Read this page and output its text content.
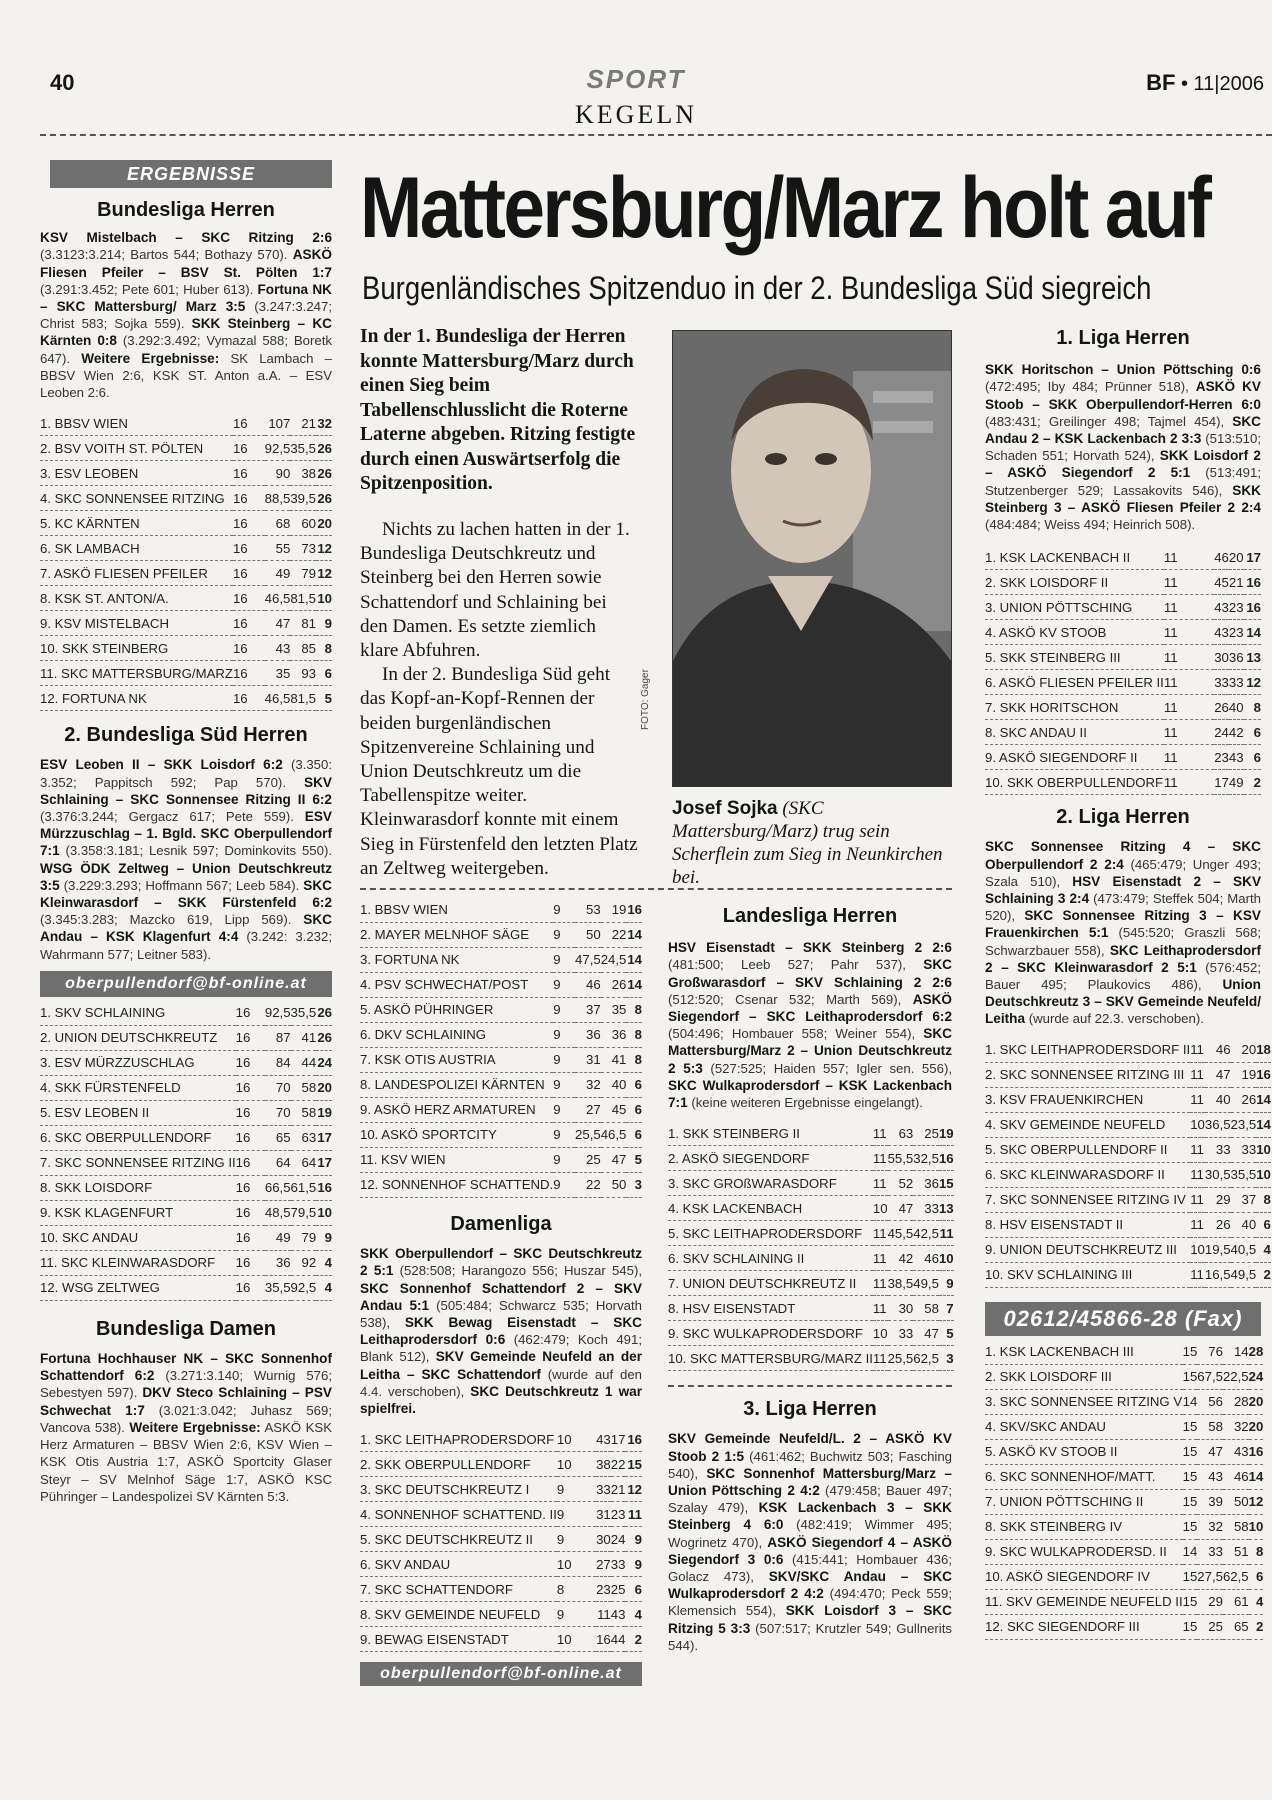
40	SPORT	BF • 11|2006
KEGELN
ERGEBNISSE
Bundesliga Herren
KSV Mistelbach – SKC Ritzing 2:6 (3.3123:3.214; Bartos 544; Bothazy 570). ASKÖ Fliesen Pfeiler – BSV St. Pölten 1:7 (3.291:3.452; Pete 601; Huber 613). Fortuna NK – SKC Mattersburg/ Marz 3:5 (3.247:3.247; Christ 583; Sojka 559). SKK Steinberg – KC Kärnten 0:8 (3.292:3.492; Vymazal 588; Boretk 647). Weitere Ergebnisse: SK Lambach – BBSV Wien 2:6, KSK ST. Anton a.A. – ESV Leoben 2:6.
1. BBSV WIEN	16	107	21	32
2. BSV VOITH ST. PÖLTEN	16	92,5	35,5	26
3. ESV LEOBEN	16	90	38	26
4. SKC SONNENSEE RITZING	16	88,5	39,5	26
5. KC KÄRNTEN	16	68	60	20
6. SK LAMBACH	16	55	73	12
7. ASKÖ FLIESEN PFEILER	16	49	79	12
8. KSK ST. ANTON/A.	16	46,5	81,5	10
9. KSV MISTELBACH	16	47	81	9
10. SKK STEINBERG	16	43	85	8
11. SKC MATTERSBURG/MARZ	16	35	93	6
12. FORTUNA NK	16	46,5	81,5	5
2. Bundesliga Süd Herren
ESV Leoben II – SKK Loisdorf 6:2 (3.350: 3.352; Pappitsch 592; Pap 570). SKV Schlaining – SKC Sonnensee Ritzing II 6:2 (3.376:3.244; Gergacz 617; Pete 559). ESV Mürzzuschlag – 1. Bgld. SKC Oberpullendorf 7:1 (3.358:3.181; Lesnik 597; Dominkovits 550). WSG ÖDK Zeltweg – Union Deutschkreutz 3:5 (3.229:3.293; Hoffmann 567; Leeb 584). SKC Kleinwarasdorf – SKK Fürstenfeld 6:2 (3.345:3.283; Mazcko 619, Lipp 569). SKC Andau – KSK Klagenfurt 4:4 (3.242: 3.232; Wahrmann 577; Leitner 583).
oberpullendorf@bf-online.at
1. SKV SCHLAINING	16	92,5	35,5	26
2. UNION DEUTSCHKREUTZ	16	87	41	26
3. ESV MÜRZZUSCHLAG	16	84	44	24
4. SKK FÜRSTENFELD	16	70	58	20
5. ESV LEOBEN II	16	70	58	19
6. SKC OBERPULLENDORF	16	65	63	17
7. SKC SONNENSEE RITZING II	16	64	64	17
8. SKK LOISDORF	16	66,5	61,5	16
9. KSK KLAGENFURT	16	48,5	79,5	10
10. SKC ANDAU	16	49	79	9
11. SKC KLEINWARASDORF	16	36	92	4
12. WSG ZELTWEG	16	35,5	92,5	4
Bundesliga Damen
Fortuna Hochhauser NK – SKC Sonnenhof Schattendorf 6:2 (3.271:3.140; Wurnig 576; Sebestyen 597). DKV Steco Schlaining – PSV Schwechat 1:7 (3.021:3.042; Juhasz 569; Vancova 538). Weitere Ergebnisse: ASKÖ KSK Herz Armaturen – BBSV Wien 2:6, KSV Wien – KSK Otis Austria 1:7, ASKÖ Sportcity Glaser Steyr – SV Melnhof Säge 1:7, ASKÖ KSC Pühringer – Landespolizei SV Kärnten 5:3.
Mattersburg/Marz holt auf
Burgenländisches Spitzenduo in der 2. Bundesliga Süd siegreich
In der 1. Bundesliga der Herren konnte Mattersburg/Marz durch einen Sieg beim Tabellenschlusslicht die Roterne Laterne abgeben. Ritzing festigte durch einen Auswärtserfolg die Spitzenposition.

Nichts zu lachen hatten in der 1. Bundesliga Deutschkreutz und Steinberg bei den Herren sowie Schattendorf und Schlaining bei den Damen. Es setzte ziemlich klare Abfuhren.

In der 2. Bundesliga Süd geht das Kopf-an-Kopf-Rennen der beiden burgenländischen Spitzenvereine Schlaining und Union Deutschkreutz um die Tabellenspitze weiter. Kleinwarasdorf konnte mit einem Sieg in Fürstenfeld den letzten Platz an Zeltweg weitergeben.

FOTO: Gager
Josef Sojka (SKC Mattersburg/Marz) trug sein Scherflein zum Sieg in Neunkirchen bei.
1. BBSV WIEN	9	53	19	16
2. MAYER MELNHOF SÄGE	9	50	22	14
3. FORTUNA NK	9	47,5	24,5	14
4. PSV SCHWECHAT/POST	9	46	26	14
5. ASKÖ PÜHRINGER	9	37	35	8
6. DKV SCHLAINING	9	36	36	8
7. KSK OTIS AUSTRIA	9	31	41	8
8. LANDESPOLIZEI KÄRNTEN	9	32	40	6
9. ASKÖ HERZ ARMATUREN	9	27	45	6
10. ASKÖ SPORTCITY	9	25,5	46,5	6
11. KSV WIEN	9	25	47	5
12. SONNENHOF SCHATTEND.	9	22	50	3
Damenliga
SKK Oberpullendorf – SKC Deutschkreutz 2 5:1 (528:508; Harangozo 556; Huszar 545), SKC Sonnenhof Schattendorf 2 – SKV Andau 5:1 (505:484; Schwarcz 535; Horvath 538), SKK Bewag Eisenstadt – SKC Leithaprodersdorf 0:6 (462:479; Koch 491; Blank 512), SKV Gemeinde Neufeld an der Leitha – SKC Schattendorf (wurde auf den 4.4. verschoben), SKC Deutschkreutz 1 war spielfrei.
1. SKC LEITHAPRODERSDORF	10	43	17	16
2. SKK OBERPULLENDORF	10	38	22	15
3. SKC DEUTSCHKREUTZ I	9	33	21	12
4. SONNENHOF SCHATTEND. II	9	31	23	11
5. SKC DEUTSCHKREUTZ II	9	30	24	9
6. SKV ANDAU	10	27	33	9
7. SKC SCHATTENDORF	8	23	25	6
8. SKV GEMEINDE NEUFELD	9	11	43	4
9. BEWAG EISENSTADT	10	16	44	2
oberpullendorf@bf-online.at
Landesliga Herren
HSV Eisenstadt – SKK Steinberg 2 2:6 (481:500; Leeb 527; Pahr 537), SKC Großwarasdorf – SKV Schlaining 2 2:6 (512:520; Csenar 532; Marth 569), ASKÖ Siegendorf – SKC Leithaprodersdorf 6:2 (504:496; Hombauer 558; Weiner 554), SKC Mattersburg/Marz 2 – Union Deutschkreutz 2 5:3 (527:525; Haiden 557; Igler sen. 556), SKC Wulkaprodersdorf – KSK Lackenbach 7:1 (keine weiteren Ergebnisse eingelangt).
1. SKK STEINBERG II	11	63	25	19
2. ASKÖ SIEGENDORF	11	55,5	32,5	16
3. SKC GROßWARASDORF	11	52	36	15
4. KSK LACKENBACH	10	47	33	13
5. SKC LEITHAPRODERSDORF	11	45,5	42,5	11
6. SKV SCHLAINING II	11	42	46	10
7. UNION DEUTSCHKREUTZ II	11	38,5	49,5	9
8. HSV EISENSTADT	11	30	58	7
9. SKC WULKAPRODERSDORF	10	33	47	5
10. SKC MATTERSBURG/MARZ II	11	25,5	62,5	3
3. Liga Herren
SKV Gemeinde Neufeld/L. 2 – ASKÖ KV Stoob 2 1:5 (461:462; Buchwitz 503; Fasching 540), SKC Sonnenhof Mattersburg/Marz – Union Pöttsching 2 4:2 (479:458; Bauer 497; Szalay 479), KSK Lackenbach 3 – SKK Steinberg 4 6:0 (482:419; Wimmer 495; Wogrinetz 470), ASKÖ Siegendorf 4 – ASKÖ Siegendorf 3 0:6 (415:441; Hombauer 436; Golacz 473), SKV/SKC Andau – SKC Wulkaprodersdorf 2 4:2 (494:470; Peck 559; Klemensich 554), SKK Loisdorf 3 – SKC Ritzing 5 3:3 (507:517; Krutzler 549; Gullnerits 544).
1. Liga Herren
SKK Horitschon – Union Pöttsching 0:6 (472:495; Iby 484; Prünner 518), ASKÖ KV Stoob – SKK Oberpullendorf-Herren 6:0 (483:431; Greilinger 498; Tajmel 454), SKC Andau 2 – KSK Lackenbach 2 3:3 (513:510; Schaden 551; Horvath 524), SKK Loisdorf 2 – ASKÖ Siegendorf 2 5:1 (513:491; Stutzenberger 529; Lassakovits 546), SKK Steinberg 3 – ASKÖ Fliesen Pfeiler 2 2:4 (484:484; Weiss 494; Heinrich 508).
1. KSK LACKENBACH II	11	46	20	17
2. SKK LOISDORF II	11	45	21	16
3. UNION PÖTTSCHING	11	43	23	16
4. ASKÖ KV STOOB	11	43	23	14
5. SKK STEINBERG III	11	30	36	13
6. ASKÖ FLIESEN PFEILER II	11	33	33	12
7. SKK HORITSCHON	11	26	40	8
8. SKC ANDAU II	11	24	42	6
9. ASKÖ SIEGENDORF II	11	23	43	6
10. SKK OBERPULLENDORF	11	17	49	2
2. Liga Herren
SKC Sonnensee Ritzing 4 – SKC Oberpullendorf 2 2:4 (465:479; Unger 493; Szala 510), HSV Eisenstadt 2 – SKV Schlaining 3 2:4 (473:479; Steffek 504; Marth 520), SKC Sonnensee Ritzing 3 – KSV Frauenkirchen 5:1 (545:520; Graszli 568; Schwarzbauer 558), SKC Leithaprodersdorf 2 – SKC Kleinwarasdorf 2 5:1 (576:452; Bauer 495; Plaukovics 486), Union Deutschkreutz 3 – SKV Gemeinde Neufeld/ Leitha (wurde auf 22.3. verschoben).
1. SKC LEITHAPRODERSDORF II	11	46	20	18
2. SKC SONNENSEE RITZING III	11	47	19	16
3. KSV FRAUENKIRCHEN	11	40	26	14
4. SKV GEMEINDE NEUFELD	10	36,5	23,5	14
5. SKC OBERPULLENDORF II	11	33	33	10
6. SKC KLEINWARASDORF II	11	30,5	35,5	10
7. SKC SONNENSEE RITZING IV	11	29	37	8
8. HSV EISENSTADT II	11	26	40	6
9. UNION DEUTSCHKREUTZ III	10	19,5	40,5	4
10. SKV SCHLAINING III	11	16,5	49,5	2
02612/45866-28 (Fax)
1. KSK LACKENBACH III	15	76	14	28
2. SKK LOISDORF III	15	67,5	22,5	24
3. SKC SONNENSEE RITZING V	14	56	28	20
4. SKV/SKC ANDAU	15	58	32	20
5. ASKÖ KV STOOB II	15	47	43	16
6. SKC SONNENHOF/MATT.	15	43	46	14
7. UNION PÖTTSCHING II	15	39	50	12
8. SKK STEINBERG IV	15	32	58	10
9. SKC WULKAPRODERSD. II	14	33	51	8
10. ASKÖ SIEGENDORF IV	15	27,5	62,5	6
11. SKV GEMEINDE NEUFELD II	15	29	61	4
12. SKC SIEGENDORF III	15	25	65	2
